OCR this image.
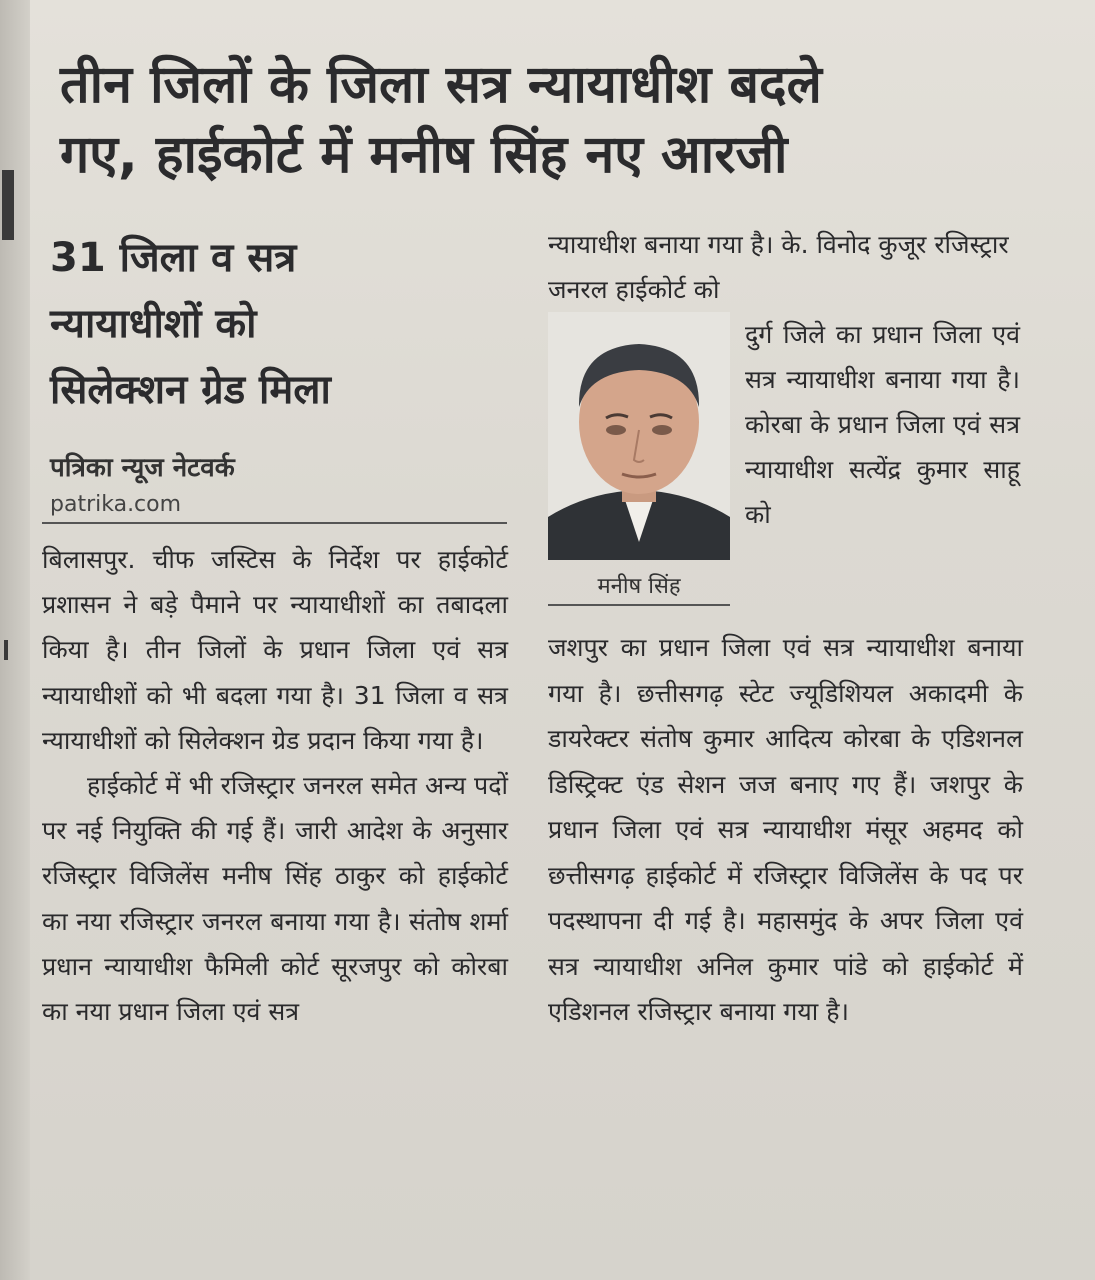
तीन जिलों के जिला सत्र न्यायाधीश बदले
गए, हाईकोर्ट में मनीष सिंह नए आरजी
31 जिला व सत्र
न्यायाधीशों को
सिलेक्शन ग्रेड मिला
पत्रिका न्यूज नेटवर्क
patrika.com

बिलासपुर. चीफ जस्टिस के निर्देश पर हाईकोर्ट प्रशासन ने बड़े पैमाने पर न्यायाधीशों का तबादला किया है। तीन जिलों के प्रधान जिला एवं सत्र न्यायाधीशों को भी बदला गया है। 31 जिला व सत्र न्यायाधीशों को सिलेक्शन ग्रेड प्रदान किया गया है।

हाईकोर्ट में भी रजिस्ट्रार जनरल समेत अन्य पदों पर नई नियुक्ति की गई हैं। जारी आदेश के अनुसार रजिस्ट्रार विजिलेंस मनीष सिंह ठाकुर को हाईकोर्ट का नया रजिस्ट्रार जनरल बनाया गया है। संतोष शर्मा प्रधान न्यायाधीश फैमिली कोर्ट सूरजपुर को कोरबा का नया प्रधान जिला एवं सत्र

न्यायाधीश बनाया गया है। के. विनोद कुजूर रजिस्ट्रार जनरल हाईकोर्ट को
मनीष सिंह
दुर्ग जिले का प्रधान जिला एवं सत्र न्यायाधीश बनाया गया है। कोरबा के प्रधान जिला एवं सत्र न्यायाधीश सत्येंद्र कुमार साहू को
जशपुर का प्रधान जिला एवं सत्र न्यायाधीश बनाया गया है। छत्तीसगढ़ स्टेट ज्यूडिशियल अकादमी के डायरेक्टर संतोष कुमार आदित्य कोरबा के एडिशनल डिस्ट्रिक्ट एंड सेशन जज बनाए गए हैं। जशपुर के प्रधान जिला एवं सत्र न्यायाधीश मंसूर अहमद को छत्तीसगढ़ हाईकोर्ट में रजिस्ट्रार विजिलेंस के पद पर पदस्थापना दी गई है। महासमुंद के अपर जिला एवं सत्र न्यायाधीश अनिल कुमार पांडे को हाईकोर्ट में एडिशनल रजिस्ट्रार बनाया गया है।
